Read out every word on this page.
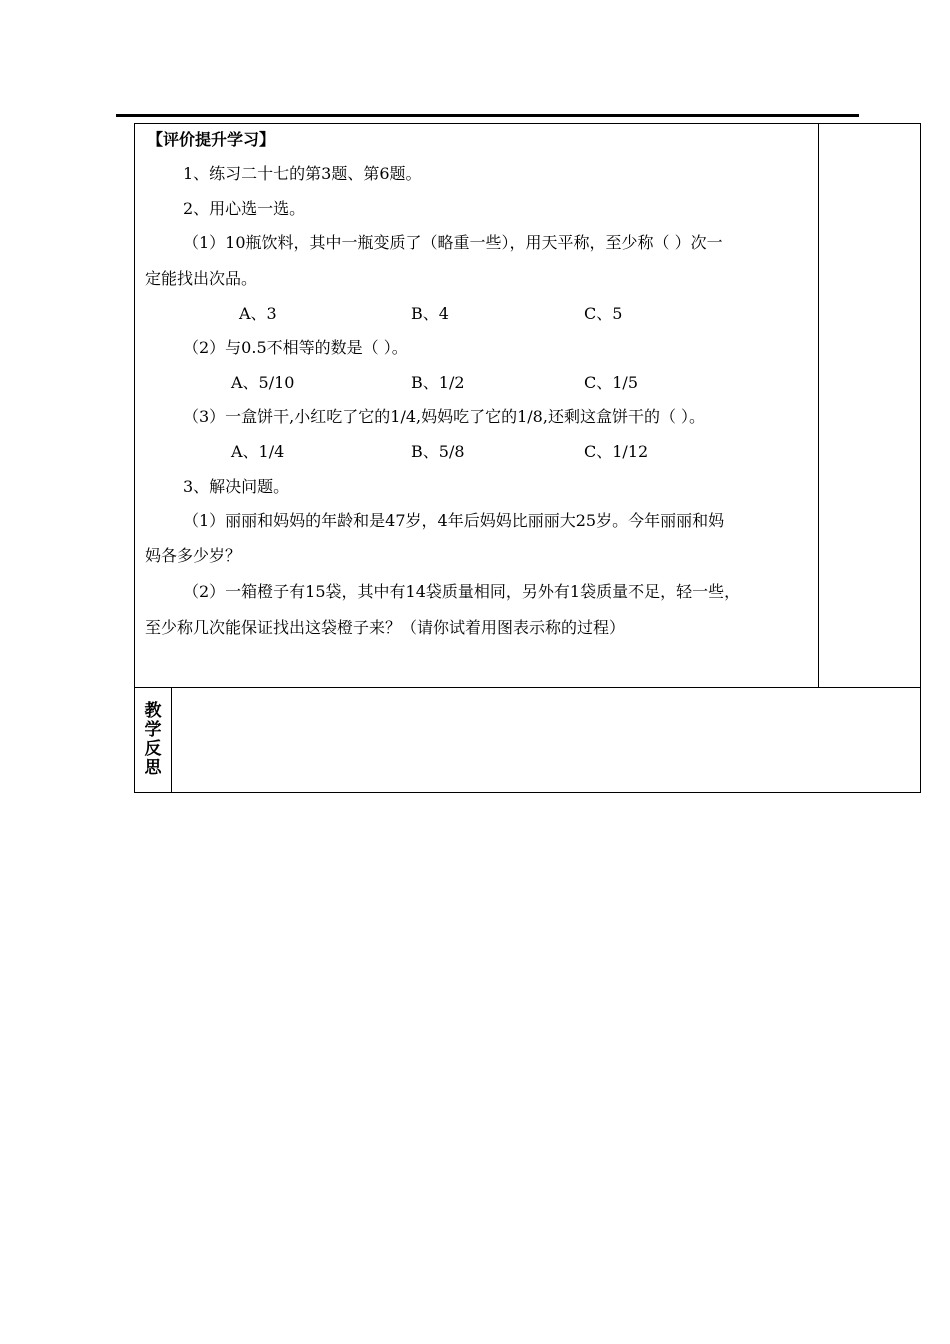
【评价提升学习】
1、练习二十七的第3题、第6题。
2、用心选一选。
（1）10瓶饮料，其中一瓶变质了（略重一些），用天平称，至少称（ ）次一
定能找出次品。
A、3	B、4	C、5
（2）与0.5不相等的数是（ ）。
A、5/10	B、1/2	C、1/5
（3）一盒饼干,小红吃了它的1/4,妈妈吃了它的1/8,还剩这盒饼干的（ ）。
A、1/4	B、5/8	C、1/12
3、解决问题。
（1）丽丽和妈妈的年龄和是47岁，4年后妈妈比丽丽大25岁。今年丽丽和妈
妈各多少岁？
（2）一箱橙子有15袋，其中有14袋质量相同，另外有1袋质量不足，轻一些，
至少称几次能保证找出这袋橙子来？（请你试着用图表示称的过程）
教
学
反
思
